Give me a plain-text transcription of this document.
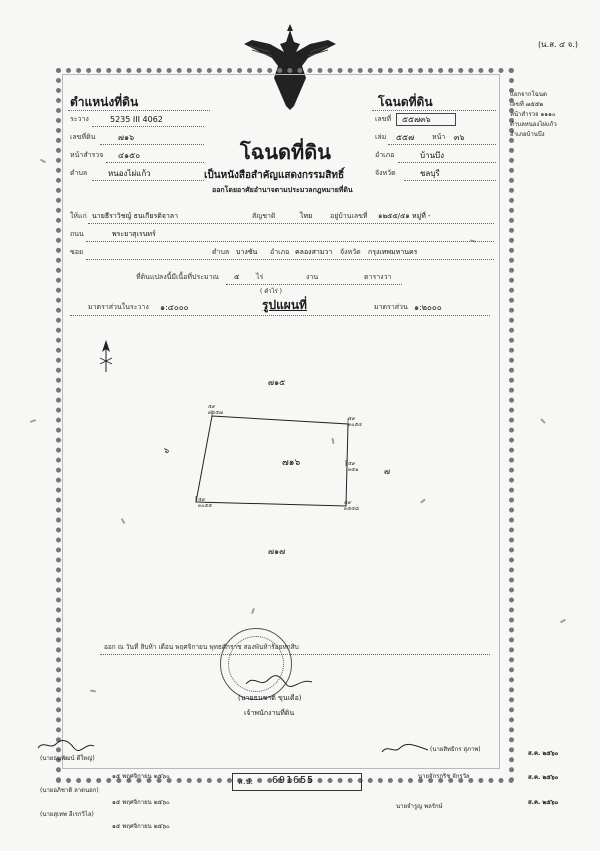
(น.ส. ๔ จ.)
ตำแหน่งที่ดิน
ระวาง	5235 III 4062
เลขที่ดิน	๗๑๖
หน้าสำรวจ ๔๑๕๐
ตำบล	หนองไผ่แก้ว
โฉนดที่ดิน
เลขที่ ๕๕๗๓๖
เล่ม ๕๕๗	หน้า ๓๖
อำเภอ	บ้านบึง
จังหวัด	ชลบุรี
โฉนดที่ดิน
เป็นหนังสือสำคัญแสดงกรรมสิทธิ์
ออกโดยอาศัยอำนาจตามประมวลกฎหมายที่ดิน
ให้แก่ นายธีราวิชญ์ ธนเกียรติจาลา	สัญชาติ	ไทย	อยู่บ้านเลขที่ ๑๒๕๕/๕๑ หมู่ที่ -
ถนน	พระยาสุเรนทร์
ซอย	ตำบล บางชัน อำเภอ คลองสามวา จังหวัด กรุงเทพมหานคร
ที่ดินแปลงนี้มีเนื้อที่ประมาณ ๕ ไร่	งาน	ตารางวา
( ตำไร่ )
มาตราส่วนในระวาง ๑:๔๐๐๐	รูปแผนที่	มาตราส่วน ๑:๒๐๐๐
๗๑๕
๗๑๖
๗๑๗
๖
๗
๕๙
๓๔๕๗
๕๙
๓๐๕๔
๕๙
๓๕๑
๕๙
๓๕๕๘
๕๙
๓๐๕๕
ออก ณ วันที่ สิบห้า เดือน พฤศจิกายน พุทธศักราช สองพันห้าร้อยหกสิบ
(นายธนชาติ ขุนเดือ)
เจ้าพนักงานที่ดิน
แยกจากโฉนด
เลขที่ ๗๕๕๒
หน้าสำรวจ ๑๑๑๐
ตำบลหนองไผ่แก้ว
อำเภอบ้านบึง
(นายธนพัฒน์ ดีใหญ่)
๑๕ พฤศจิกายน ๒๕๖๐
(นายอภิชาติ ลาดนอก)
๑๕ พฤศจิกายน ๒๕๖๐
(นายสุเทพ ฮีเรกวิไล)
๑๕ พฤศจิกายน ๒๕๖๐
ส.ป. 691655
(นายสิทธิกร สุภาพ)
นายจักรกริช จักรวัล
นายจำรูญ พลรักษ์
ส.ค. ๒๕๖๐
ส.ค. ๒๕๖๐
ส.ค. ๒๕๖๐
